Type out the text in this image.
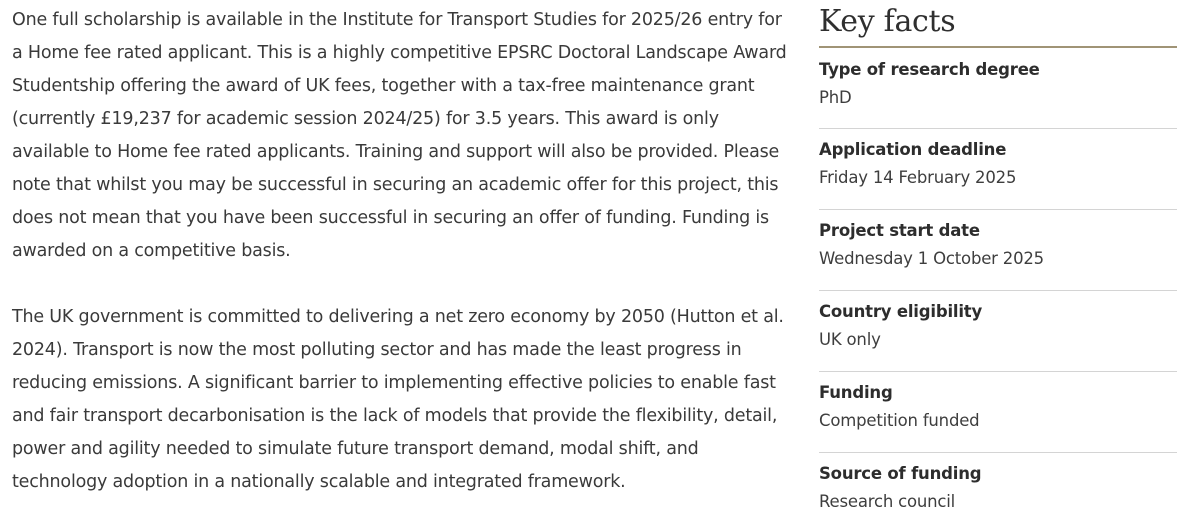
One full scholarship is available in the Institute for Transport Studies for 2025/26 entry for a Home fee rated applicant. This is a highly competitive EPSRC Doctoral Landscape Award Studentship offering the award of UK fees, together with a tax-free maintenance grant (currently £19,237 for academic session 2024/25) for 3.5 years. This award is only available to Home fee rated applicants. Training and support will also be provided. Please note that whilst you may be successful in securing an academic offer for this project, this does not mean that you have been successful in securing an offer of funding. Funding is awarded on a competitive basis.

The UK government is committed to delivering a net zero economy by 2050 (Hutton et al. 2024). Transport is now the most polluting sector and has made the least progress in reducing emissions. A significant barrier to implementing effective policies to enable fast and fair transport decarbonisation is the lack of models that provide the flexibility, detail, power and agility needed to simulate future transport demand, modal shift, and technology adoption in a nationally scalable and integrated framework.

Key facts
Type of research degree
PhD
Application deadline
Friday 14 February 2025
Project start date
Wednesday 1 October 2025
Country eligibility
UK only
Funding
Competition funded
Source of funding
Research council
